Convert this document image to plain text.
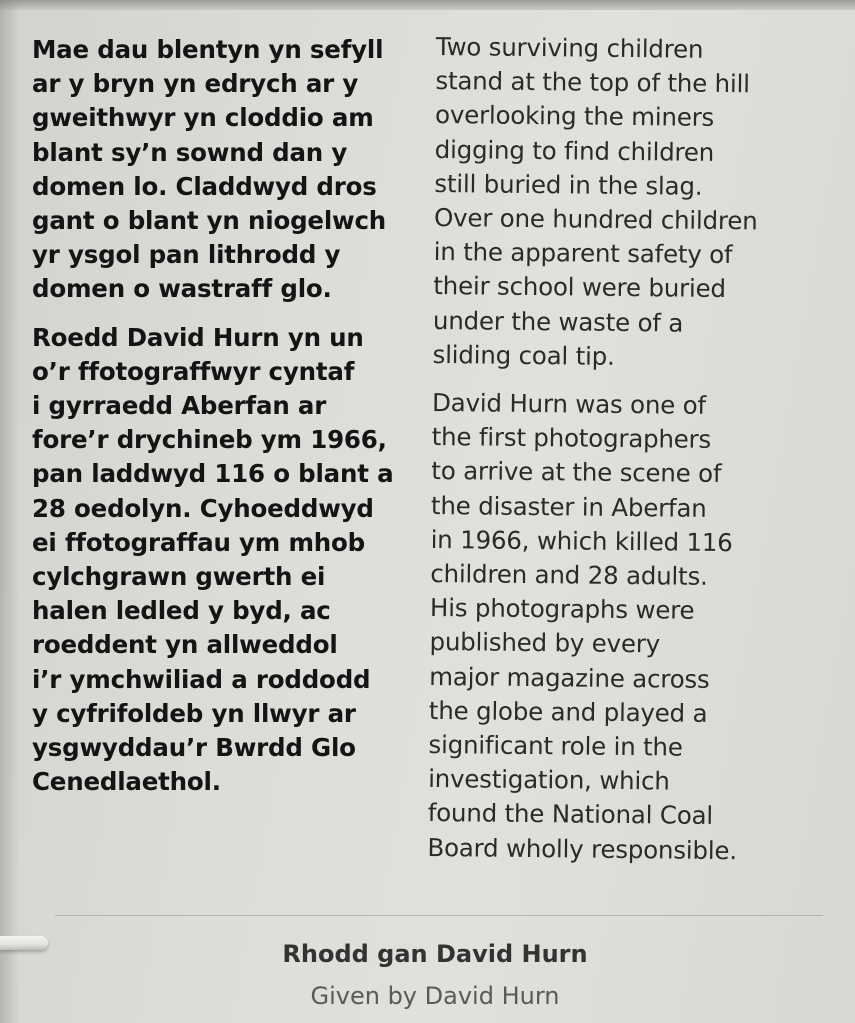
Mae dau blentyn yn sefyll
ar y bryn yn edrych ar y
gweithwyr yn cloddio am
blant sy’n sownd dan y
domen lo. Claddwyd dros
gant o blant yn niogelwch
yr ysgol pan lithrodd y
domen o wastraff glo.

Roedd David Hurn yn un
o’r ffotograffwyr cyntaf
i gyrraedd Aberfan ar
fore’r drychineb ym 1966,
pan laddwyd 116 o blant a
28 oedolyn. Cyhoeddwyd
ei ffotograffau ym mhob
cylchgrawn gwerth ei
halen ledled y byd, ac
roeddent yn allweddol
i’r ymchwiliad a roddodd
y cyfrifoldeb yn llwyr ar
ysgwyddau’r Bwrdd Glo
Cenedlaethol.

Two surviving children
stand at the top of the hill
overlooking the miners
digging to find children
still buried in the slag.
Over one hundred children
in the apparent safety of
their school were buried
under the waste of a
sliding coal tip.

David Hurn was one of
the first photographers
to arrive at the scene of
the disaster in Aberfan
in 1966, which killed 116
children and 28 adults.
His photographs were
published by every
major magazine across
the globe and played a
significant role in the
investigation, which
found the National Coal
Board wholly responsible.

Rhodd gan David Hurn
Given by David Hurn
